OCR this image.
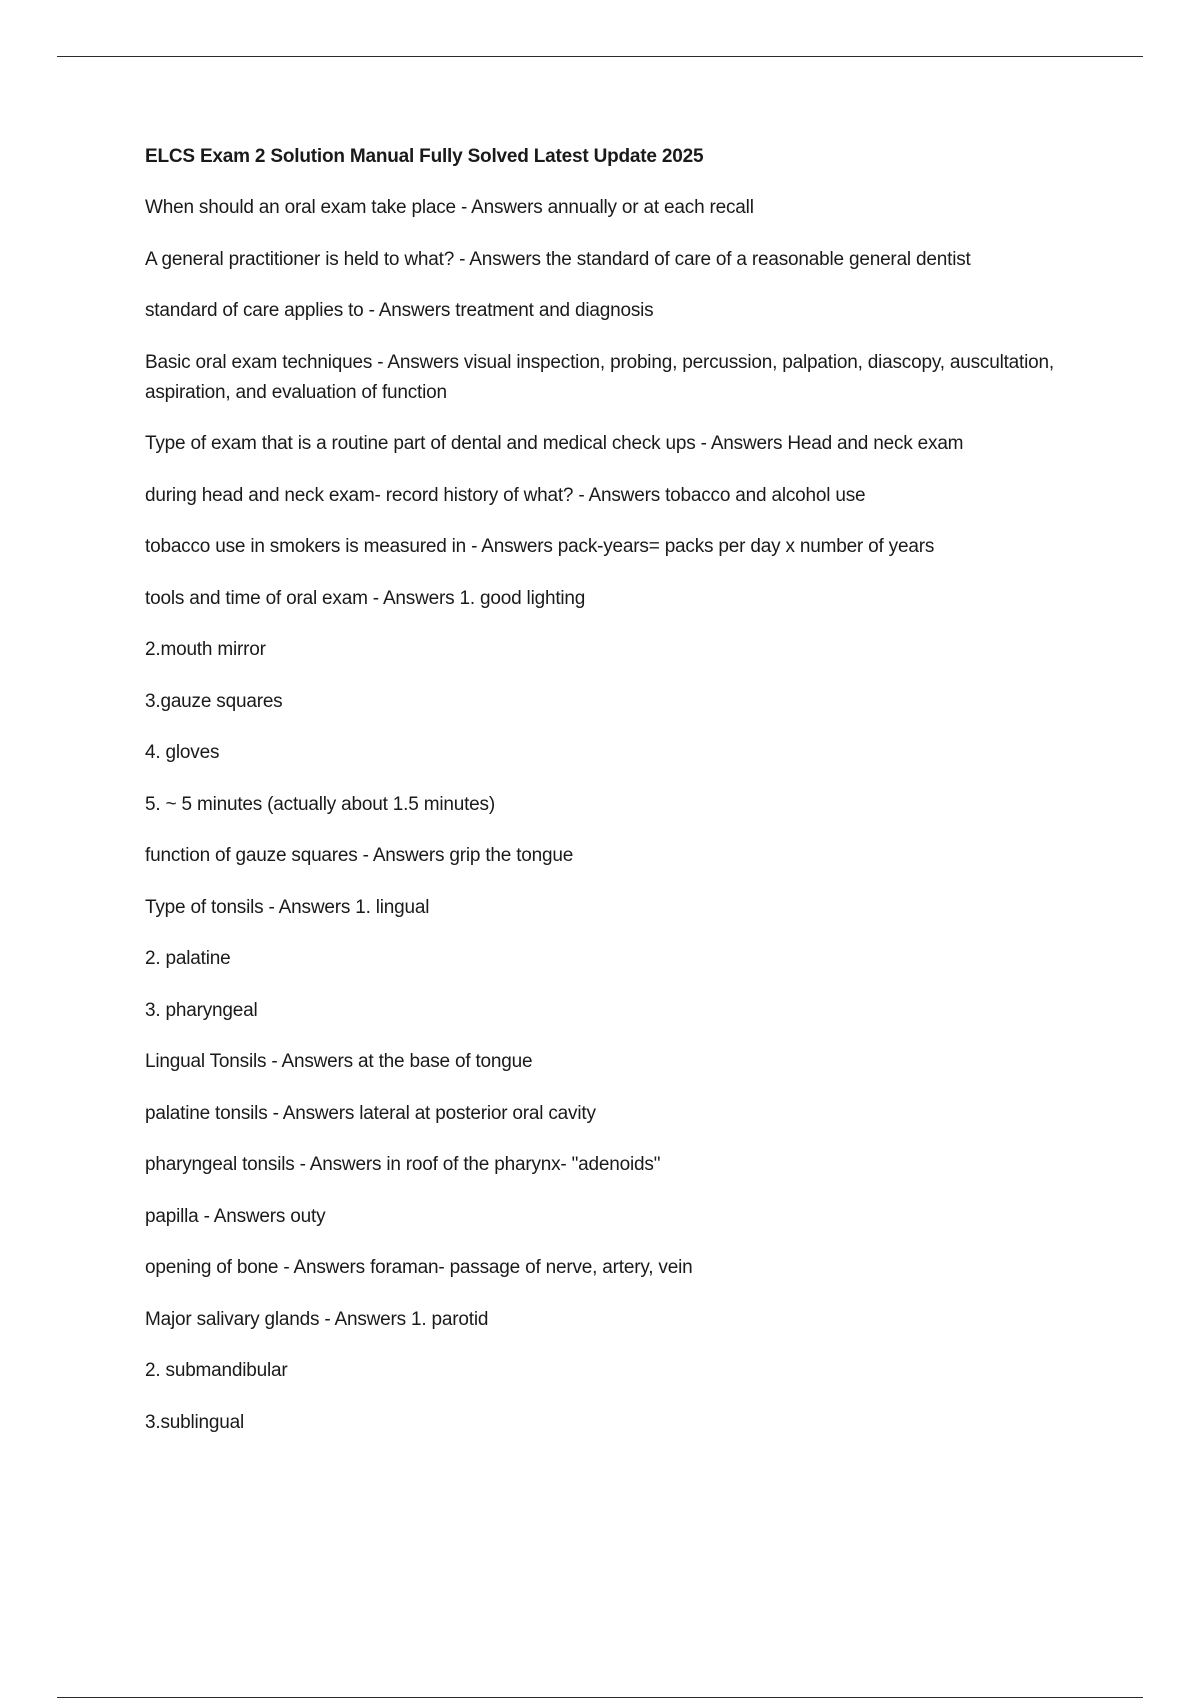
ELCS Exam 2 Solution Manual Fully Solved Latest Update 2025

When should an oral exam take place - Answers annually or at each recall

A general practitioner is held to what? - Answers the standard of care of a reasonable general dentist

standard of care applies to - Answers treatment and diagnosis

Basic oral exam techniques - Answers visual inspection, probing, percussion, palpation, diascopy, auscultation, aspiration, and evaluation of function

Type of exam that is a routine part of dental and medical check ups - Answers Head and neck exam

during head and neck exam- record history of what? - Answers tobacco and alcohol use

tobacco use in smokers is measured in - Answers pack-years= packs per day x number of years

tools and time of oral exam - Answers 1. good lighting

2.mouth mirror

3.gauze squares

4. gloves

5. ~ 5 minutes (actually about 1.5 minutes)

function of gauze squares - Answers grip the tongue

Type of tonsils - Answers 1. lingual

2. palatine

3. pharyngeal

Lingual Tonsils - Answers at the base of tongue

palatine tonsils - Answers lateral at posterior oral cavity

pharyngeal tonsils - Answers in roof of the pharynx- "adenoids"

papilla - Answers outy

opening of bone - Answers foraman- passage of nerve, artery, vein

Major salivary glands - Answers 1. parotid

2. submandibular

3.sublingual
